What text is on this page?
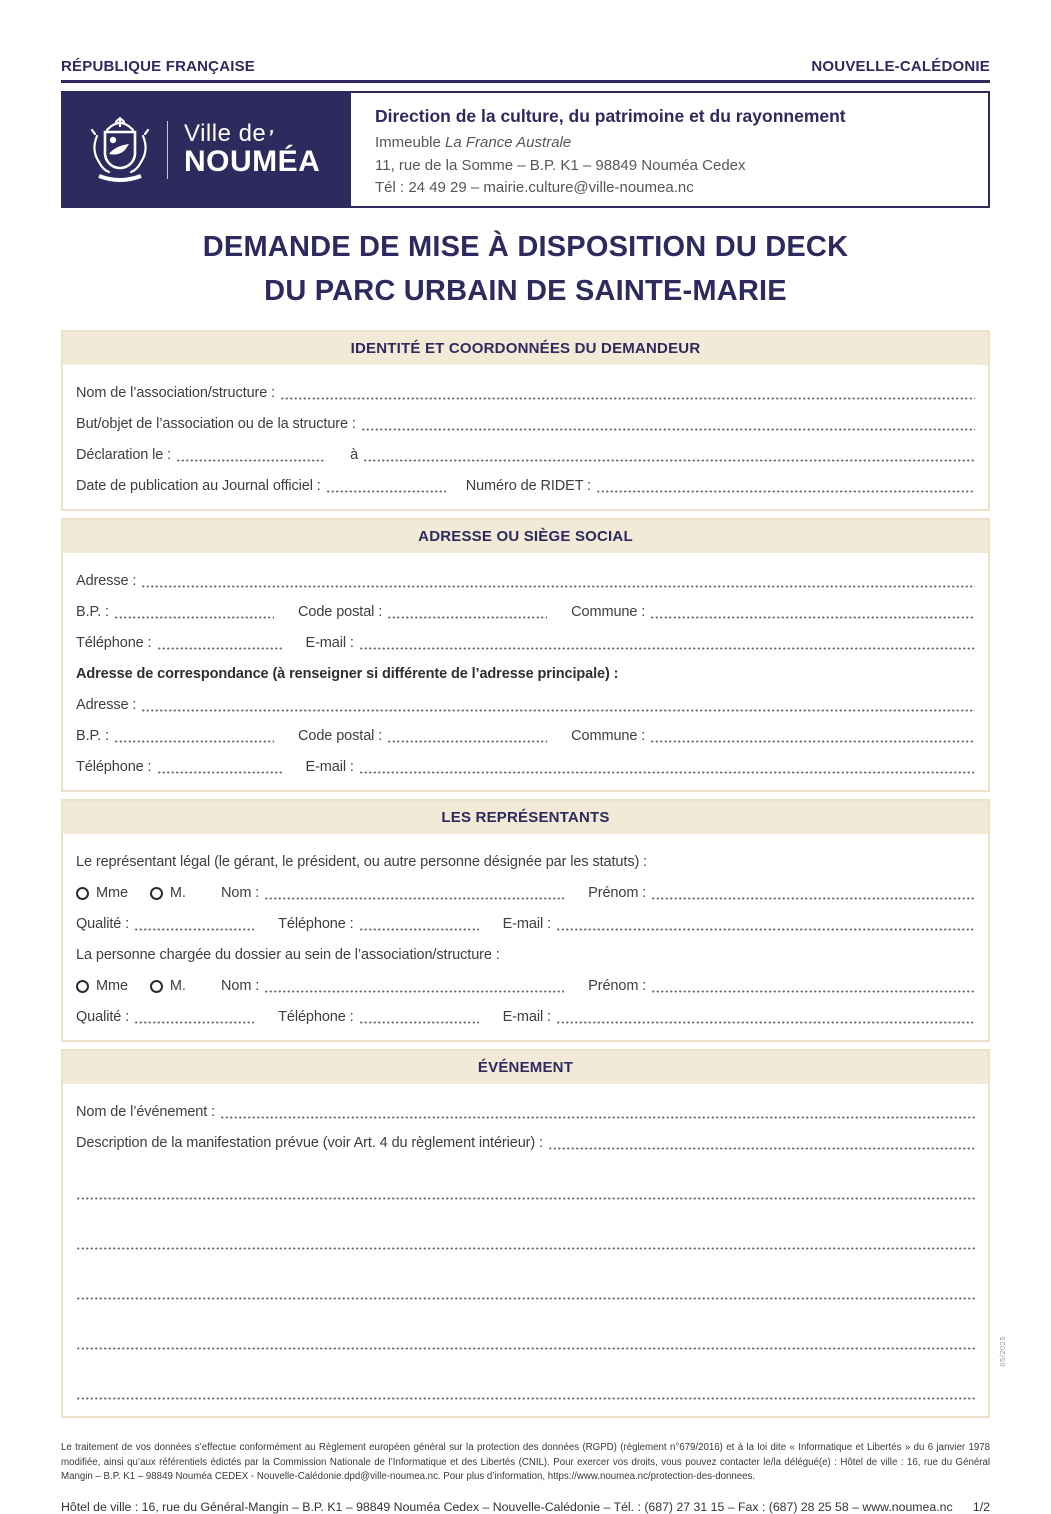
RÉPUBLIQUE FRANÇAISE	NOUVELLE-CALÉDONIE
Ville de ,
NOUMÉA
Direction de la culture, du patrimoine et du rayonnement
Immeuble La France Australe
11, rue de la Somme – B.P. K1 – 98849 Nouméa Cedex
Tél : 24 49 29 – mairie.culture@ville-noumea.nc
DEMANDE DE MISE À DISPOSITION DU DECK
DU PARC URBAIN DE SAINTE-MARIE
IDENTITÉ ET COORDONNÉES DU DEMANDEUR
Nom de l’association/structure :
But/objet de l’association ou de la structure :
Déclaration le :	à
Date de publication au Journal officiel :	Numéro de RIDET :
ADRESSE OU SIÈGE SOCIAL
Adresse :
B.P. :	Code postal :	Commune :
Téléphone :	E-mail :
Adresse de correspondance (à renseigner si différente de l’adresse principale) :
Adresse :
B.P. :	Code postal :	Commune :
Téléphone :	E-mail :
LES REPRÉSENTANTS
Le représentant légal (le gérant, le président, ou autre personne désignée par les statuts) :
Mme	M. Nom :	Prénom :
Qualité :	Téléphone :	E-mail :
La personne chargée du dossier au sein de l’association/structure :
Mme	M. Nom :	Prénom :
Qualité :	Téléphone :	E-mail :
ÉVÉNEMENT
Nom de l’événement :
Description de la manifestation prévue (voir Art. 4 du règlement intérieur) :
Le traitement de vos données s’effectue conformément au Règlement européen général sur la protection des données (RGPD) (règlement n°679/2016) et à la loi dite « Informatique et Libertés » du 6 janvier 1978 modifiée, ainsi qu’aux référentiels édictés par la Commission Nationale de l’Informatique et des Libertés (CNIL). Pour exercer vos droits, vous pouvez contacter le/la délégué(e) : Hôtel de ville : 16, rue du Général Mangin – B.P. K1 – 98849 Nouméa CEDEX - Nouvelle-Calédonie.dpd@ville-noumea.nc. Pour plus d’information, https://www.noumea.nc/protection-des-donnees.
Hôtel de ville : 16, rue du Général-Mangin – B.P. K1 – 98849 Nouméa Cedex – Nouvelle-Calédonie – Tél. : (687) 27 31 15 – Fax : (687) 28 25 58 – www.noumea.nc 1/2
05/2025
